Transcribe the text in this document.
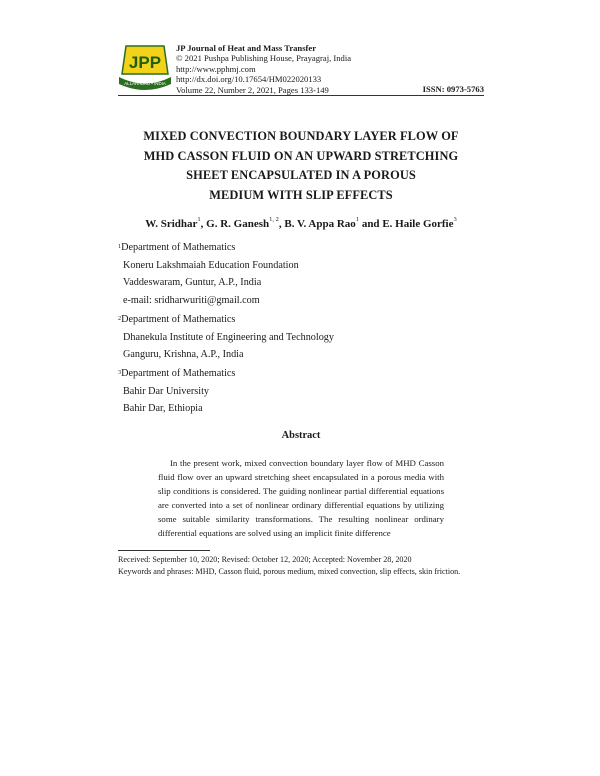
JPP
ALLAHABAD • INDIA
JP Journal of Heat and Mass Transfer
© 2021 Pushpa Publishing House, Prayagraj, India
http://www.pphmj.com
http://dx.doi.org/10.17654/HM022020133
Volume 22, Number 2, 2021, Pages 133-149	ISSN: 0973-5763
MIXED CONVECTION BOUNDARY LAYER FLOW OF
MHD CASSON FLUID ON AN UPWARD STRETCHING
SHEET ENCAPSULATED IN A POROUS
MEDIUM WITH SLIP EFFECTS
W. Sridhar$^1$, G. R. Ganesh$^{1, 2}$, B. V. Appa Rao$^1$ and E. Haile Gorfie$^3$
$^1$Department of Mathematics
Koneru Lakshmaiah Education Foundation
Vaddeswaram, Guntur, A.P., India
e-mail: sridharwuriti@gmail.com
$^2$Department of Mathematics
Dhanekula Institute of Engineering and Technology
Ganguru, Krishna, A.P., India
$^3$Department of Mathematics
Bahir Dar University
Bahir Dar, Ethiopia
Abstract
In the present work, mixed convection boundary layer flow of MHD Casson fluid flow over an upward stretching sheet encapsulated in a porous media with slip conditions is considered. The guiding nonlinear partial differential equations are converted into a set of nonlinear ordinary differential equations by utilizing some suitable similarity transformations. The resulting nonlinear ordinary differential equations are solved using an implicit finite difference
Received: September 10, 2020; Revised: October 12, 2020; Accepted: November 28, 2020
Keywords and phrases: MHD, Casson fluid, porous medium, mixed convection, slip effects, skin friction.
